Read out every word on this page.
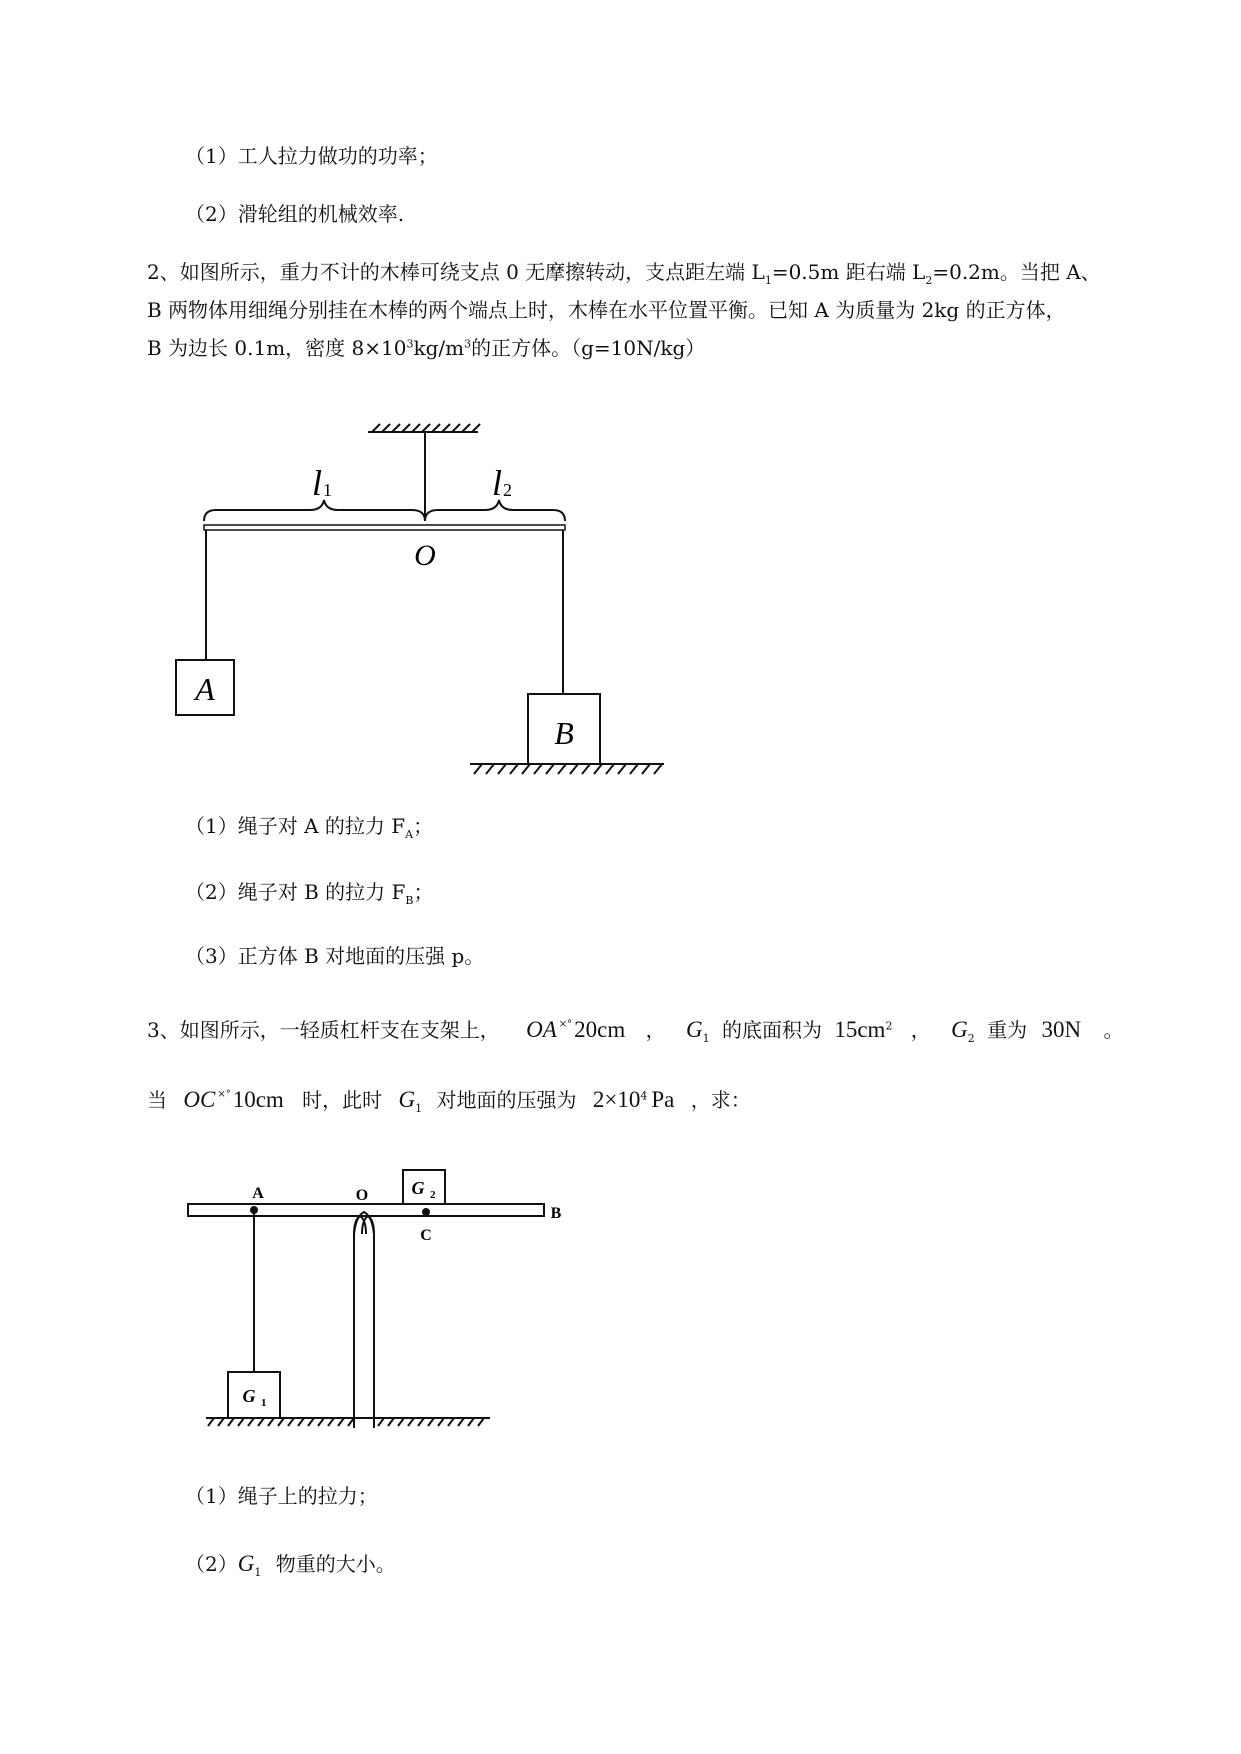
（1）工人拉力做功的功率；
（2）滑轮组的机械效率.
2、如图所示，重力不计的木棒可绕支点 0 无摩擦转动，支点距左端 $L_1=0.5m$ 距右端 $L_2=0.2m$。当把 A、
B 两物体用细绳分别挂在木棒的两个端点上时，木棒在水平位置平衡。已知 A 为质量为 2kg 的正方体，
B 为边长 0.1m，密度 $8\times 10^3kg/m^3$的正方体。（g=10N/kg）
A
B
l 1	l 2
O
（1）绳子对 A 的拉力 $F_A$；
（2）绳子对 B 的拉力 $F_B$；
（3）正方体 B 对地面的压强 p。
3、如图所示，一轻质杠杆支在支架上， OA ×°20cm ， $G_1$ 的底面积为 $15cm^2$ ， $G_2$ 重为 30N 。
当 OC ×°10cm 时，此时 $G_1$ 对地面的压强为 $2\times 10^4$ Pa ，求：
G 2
G 1
A	O
C
B
（1）绳子上的拉力；
$(2)G_1$ 物重的大小。
